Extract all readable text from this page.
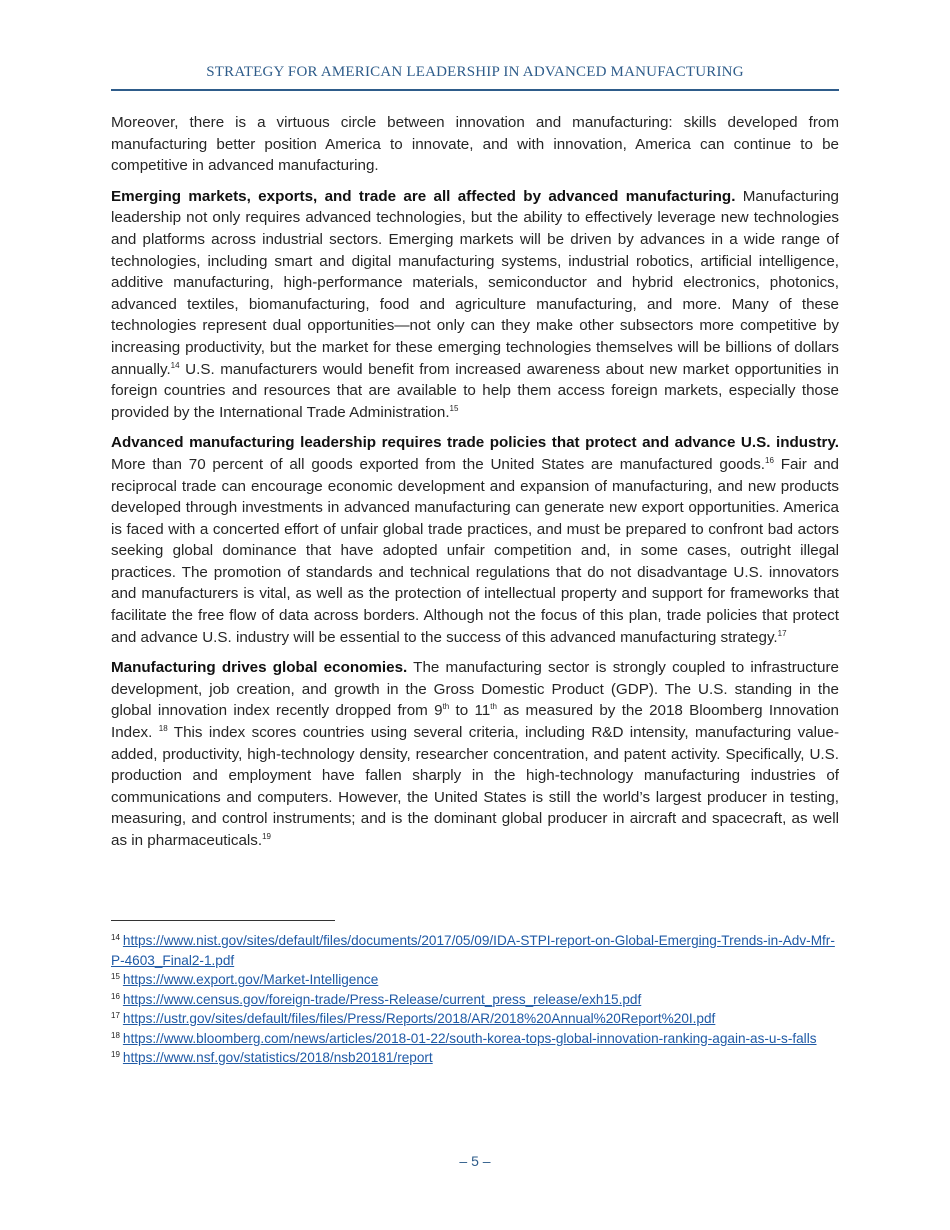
STRATEGY FOR AMERICAN LEADERSHIP IN ADVANCED MANUFACTURING

Moreover, there is a virtuous circle between innovation and manufacturing: skills developed from manufacturing better position America to innovate, and with innovation, America can continue to be competitive in advanced manufacturing.

Emerging markets, exports, and trade are all affected by advanced manufacturing. Manufacturing leadership not only requires advanced technologies, but the ability to effectively leverage new technologies and platforms across industrial sectors. Emerging markets will be driven by advances in a wide range of technologies, including smart and digital manufacturing systems, industrial robotics, artificial intelligence, additive manufacturing, high-performance materials, semiconductor and hybrid electronics, photonics, advanced textiles, biomanufacturing, food and agriculture manufacturing, and more. Many of these technologies represent dual opportunities—not only can they make other subsectors more competitive by increasing productivity, but the market for these emerging technologies themselves will be billions of dollars annually.$^{14}$ U.S. manufacturers would benefit from increased awareness about new market opportunities in foreign countries and resources that are available to help them access foreign markets, especially those provided by the International Trade Administration.$^{15}$

Advanced manufacturing leadership requires trade policies that protect and advance U.S. industry. More than 70 percent of all goods exported from the United States are manufactured goods.$^{16}$ Fair and reciprocal trade can encourage economic development and expansion of manufacturing, and new products developed through investments in advanced manufacturing can generate new export opportunities. America is faced with a concerted effort of unfair global trade practices, and must be prepared to confront bad actors seeking global dominance that have adopted unfair competition and, in some cases, outright illegal practices. The promotion of standards and technical regulations that do not disadvantage U.S. innovators and manufacturers is vital, as well as the protection of intellectual property and support for frameworks that facilitate the free flow of data across borders. Although not the focus of this plan, trade policies that protect and advance U.S. industry will be essential to the success of this advanced manufacturing strategy.$^{17}$

Manufacturing drives global economies. The manufacturing sector is strongly coupled to infrastructure development, job creation, and growth in the Gross Domestic Product (GDP). The U.S. standing in the global innovation index recently dropped from 9th to 11th as measured by the 2018 Bloomberg Innovation Index. $^{18}$ This index scores countries using several criteria, including R&D intensity, manufacturing value-added, productivity, high-technology density, researcher concentration, and patent activity. Specifically, U.S. production and employment have fallen sharply in the high-technology manufacturing industries of communications and computers. However, the United States is still the world’s largest producer in testing, measuring, and control instruments; and is the dominant global producer in aircraft and spacecraft, as well as in pharmaceuticals.$^{19}$

$^{14}$ https://www.nist.gov/sites/default/files/documents/2017/05/09/IDA-STPI-report-on-Global-Emerging-Trends-in-Adv-Mfr-P-4603_Final2-1.pdf

$^{15}$ https://www.export.gov/Market-Intelligence

$^{16}$ https://www.census.gov/foreign-trade/Press-Release/current_press_release/exh15.pdf

$^{17}$ https://ustr.gov/sites/default/files/files/Press/Reports/2018/AR/2018%20Annual%20Report%20I.pdf

$^{18}$ https://www.bloomberg.com/news/articles/2018-01-22/south-korea-tops-global-innovation-ranking-again-as-u-s-falls

$^{19}$ https://www.nsf.gov/statistics/2018/nsb20181/report

– 5 –
